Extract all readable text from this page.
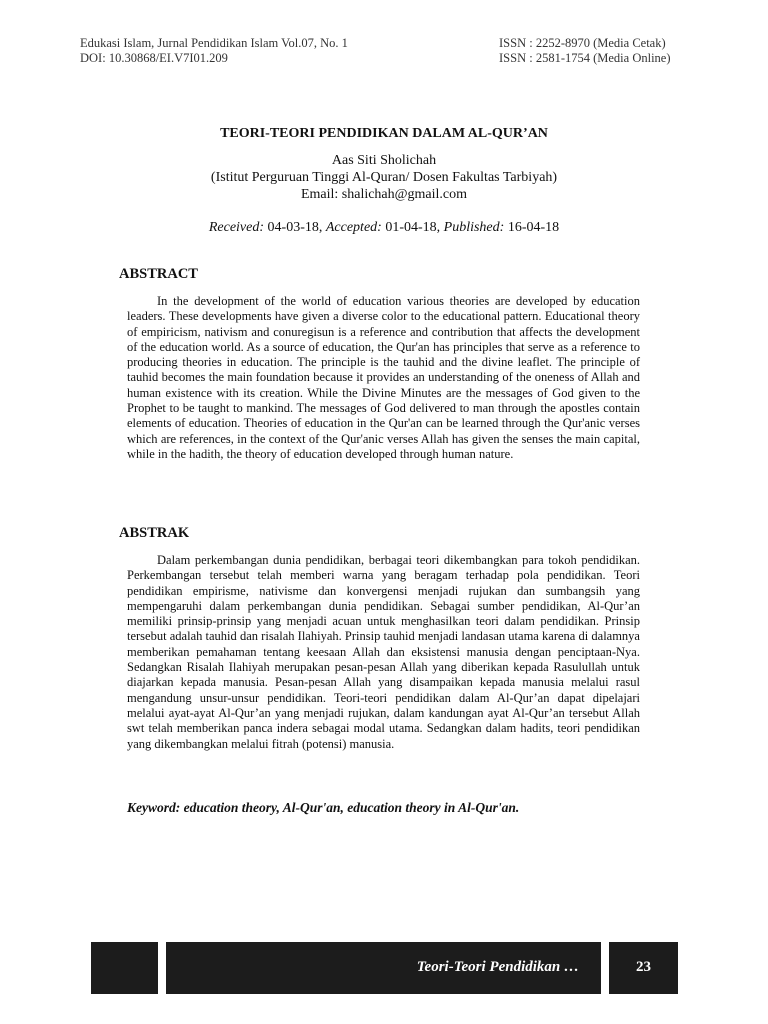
Edukasi Islam, Jurnal Pendidikan Islam Vol.07, No. 1
DOI: 10.30868/EI.V7I01.209
ISSN : 2252-8970 (Media Cetak)
ISSN : 2581-1754 (Media Online)
TEORI-TEORI PENDIDIKAN DALAM AL-QUR’AN
Aas Siti Sholichah
(Istitut Perguruan Tinggi Al-Quran/ Dosen Fakultas Tarbiyah)
Email: shalichah@gmail.com
Received: 04-03-18, Accepted: 01-04-18, Published: 16-04-18
ABSTRACT

In the development of the world of education various theories are developed by education leaders. These developments have given a diverse color to the educational pattern. Educational theory of empiricism, nativism and conuregisun is a reference and contribution that affects the development of the education world. As a source of education, the Qur'an has principles that serve as a reference to producing theories in education. The principle is the tauhid and the divine leaflet. The principle of tauhid becomes the main foundation because it provides an understanding of the oneness of Allah and human existence with its creation. While the Divine Minutes are the messages of God given to the Prophet to be taught to mankind. The messages of God delivered to man through the apostles contain elements of education. Theories of education in the Qur'an can be learned through the Qur'anic verses which are references, in the context of the Qur'anic verses Allah has given the senses the main capital, while in the hadith, the theory of education developed through human nature.

ABSTRAK

Dalam perkembangan dunia pendidikan, berbagai teori dikembangkan para tokoh pendidikan. Perkembangan tersebut telah memberi warna yang beragam terhadap pola pendidikan. Teori pendidikan empirisme, nativisme dan konvergensi menjadi rujukan dan sumbangsih yang mempengaruhi dalam perkembangan dunia pendidikan. Sebagai sumber pendidikan, Al-Qur’an memiliki prinsip-prinsip yang menjadi acuan untuk menghasilkan teori dalam pendidikan. Prinsip tersebut adalah tauhid dan risalah Ilahiyah. Prinsip tauhid menjadi landasan utama karena di dalamnya memberikan pemahaman tentang keesaan Allah dan eksistensi manusia dengan penciptaan-Nya. Sedangkan Risalah Ilahiyah merupakan pesan-pesan Allah yang diberikan kepada Rasulullah untuk diajarkan kepada manusia. Pesan-pesan Allah yang disampaikan kepada manusia melalui rasul mengandung unsur-unsur pendidikan. Teori-teori pendidikan dalam Al-Qur’an dapat dipelajari melalui ayat-ayat Al-Qur’an yang menjadi rujukan, dalam kandungan ayat Al-Qur’an tersebut Allah swt telah memberikan panca indera sebagai modal utama. Sedangkan dalam hadits, teori pendidikan yang dikembangkan melalui fitrah (potensi) manusia.

Keyword: education theory, Al-Qur'an, education theory in Al-Qur'an.
Teori-Teori Pendidikan …	23
